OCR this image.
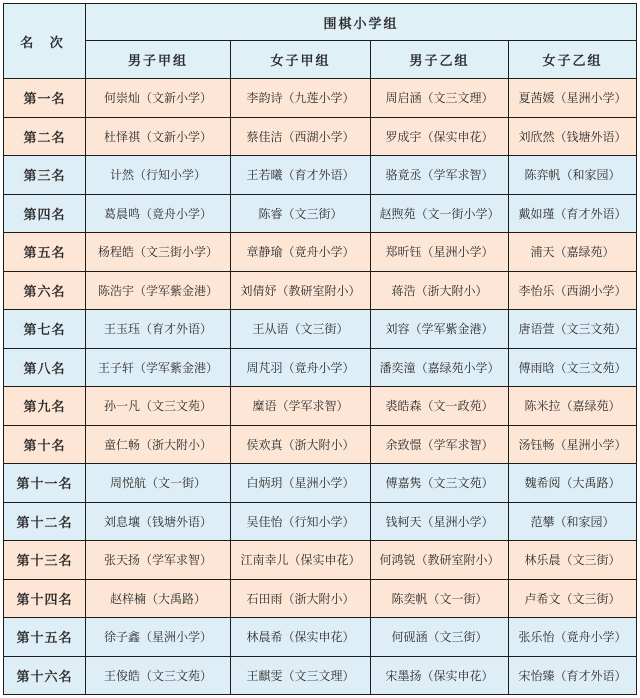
名 次	围棋小学组			
	男子甲组	女子甲组	男子乙组	女子乙组
第一名	何崇灿（文新小学）	李韵诗（九莲小学）	周启涵（文三文理）	夏茜媛（星洲小学）
第二名	杜怿祺（文新小学）	蔡佳洁（西湖小学）	罗成宇（保实申花）	刘欣然（钱塘外语）
第三名	计然（行知小学）	王若曦（育才外语）	骆竟丞（学军求智）	陈弈帆（和家园）
第四名	葛晨鸣（竟舟小学）	陈睿（文三街）	赵煦苑（文一街小学）	戴如瑾（育才外语）
第五名	杨程皓（文三街小学）	章静瑜（竟舟小学）	郑昕钰（星洲小学）	浦天（嘉绿苑）
第六名	陈浩宇（学军紫金港）	刘倩妤（教研室附小）	蒋浩（浙大附小）	李怡乐（西湖小学）
第七名	王玉珏（育才外语）	王从语（文三街）	刘容（学军紫金港）	唐语萱（文三文苑）
第八名	王子轩（学军紫金港）	周芃羽（竟舟小学）	潘奕潼（嘉绿苑小学）	傅雨晗（文三文苑）
第九名	孙一凡（文三文苑）	糜语（学军求智）	裘皓森（文一政苑）	陈米拉（嘉绿苑）
第十名	童仁畅（浙大附小）	侯欢真（浙大附小）	余致憬（学军求智）	汤钰畅（星洲小学）
第十一名	周悦航（文一街）	白炳玥（星洲小学）	傅嘉隽（文三文苑）	魏希阅（大禹路）
第十二名	刘息壤（钱塘外语）	吴佳怡（行知小学）	钱柯天（星洲小学）	范攀（和家园）
第十三名	张天扬（学军求智）	江南幸儿（保实申花）	何鸿锐（教研室附小）	林乐晨（文三街）
第十四名	赵梓楠（大禹路）	石田雨（浙大附小）	陈奕帆（文一街）	卢希文（文三街）
第十五名	徐子鑫（星洲小学）	林晨希（保实申花）	何砚涵（文三街）	张乐怡（竟舟小学）
第十六名	王俊皓（文三文苑）	王麒雯（文三文理）	宋墨扬（保实申花）	宋怡臻（育才外语）
